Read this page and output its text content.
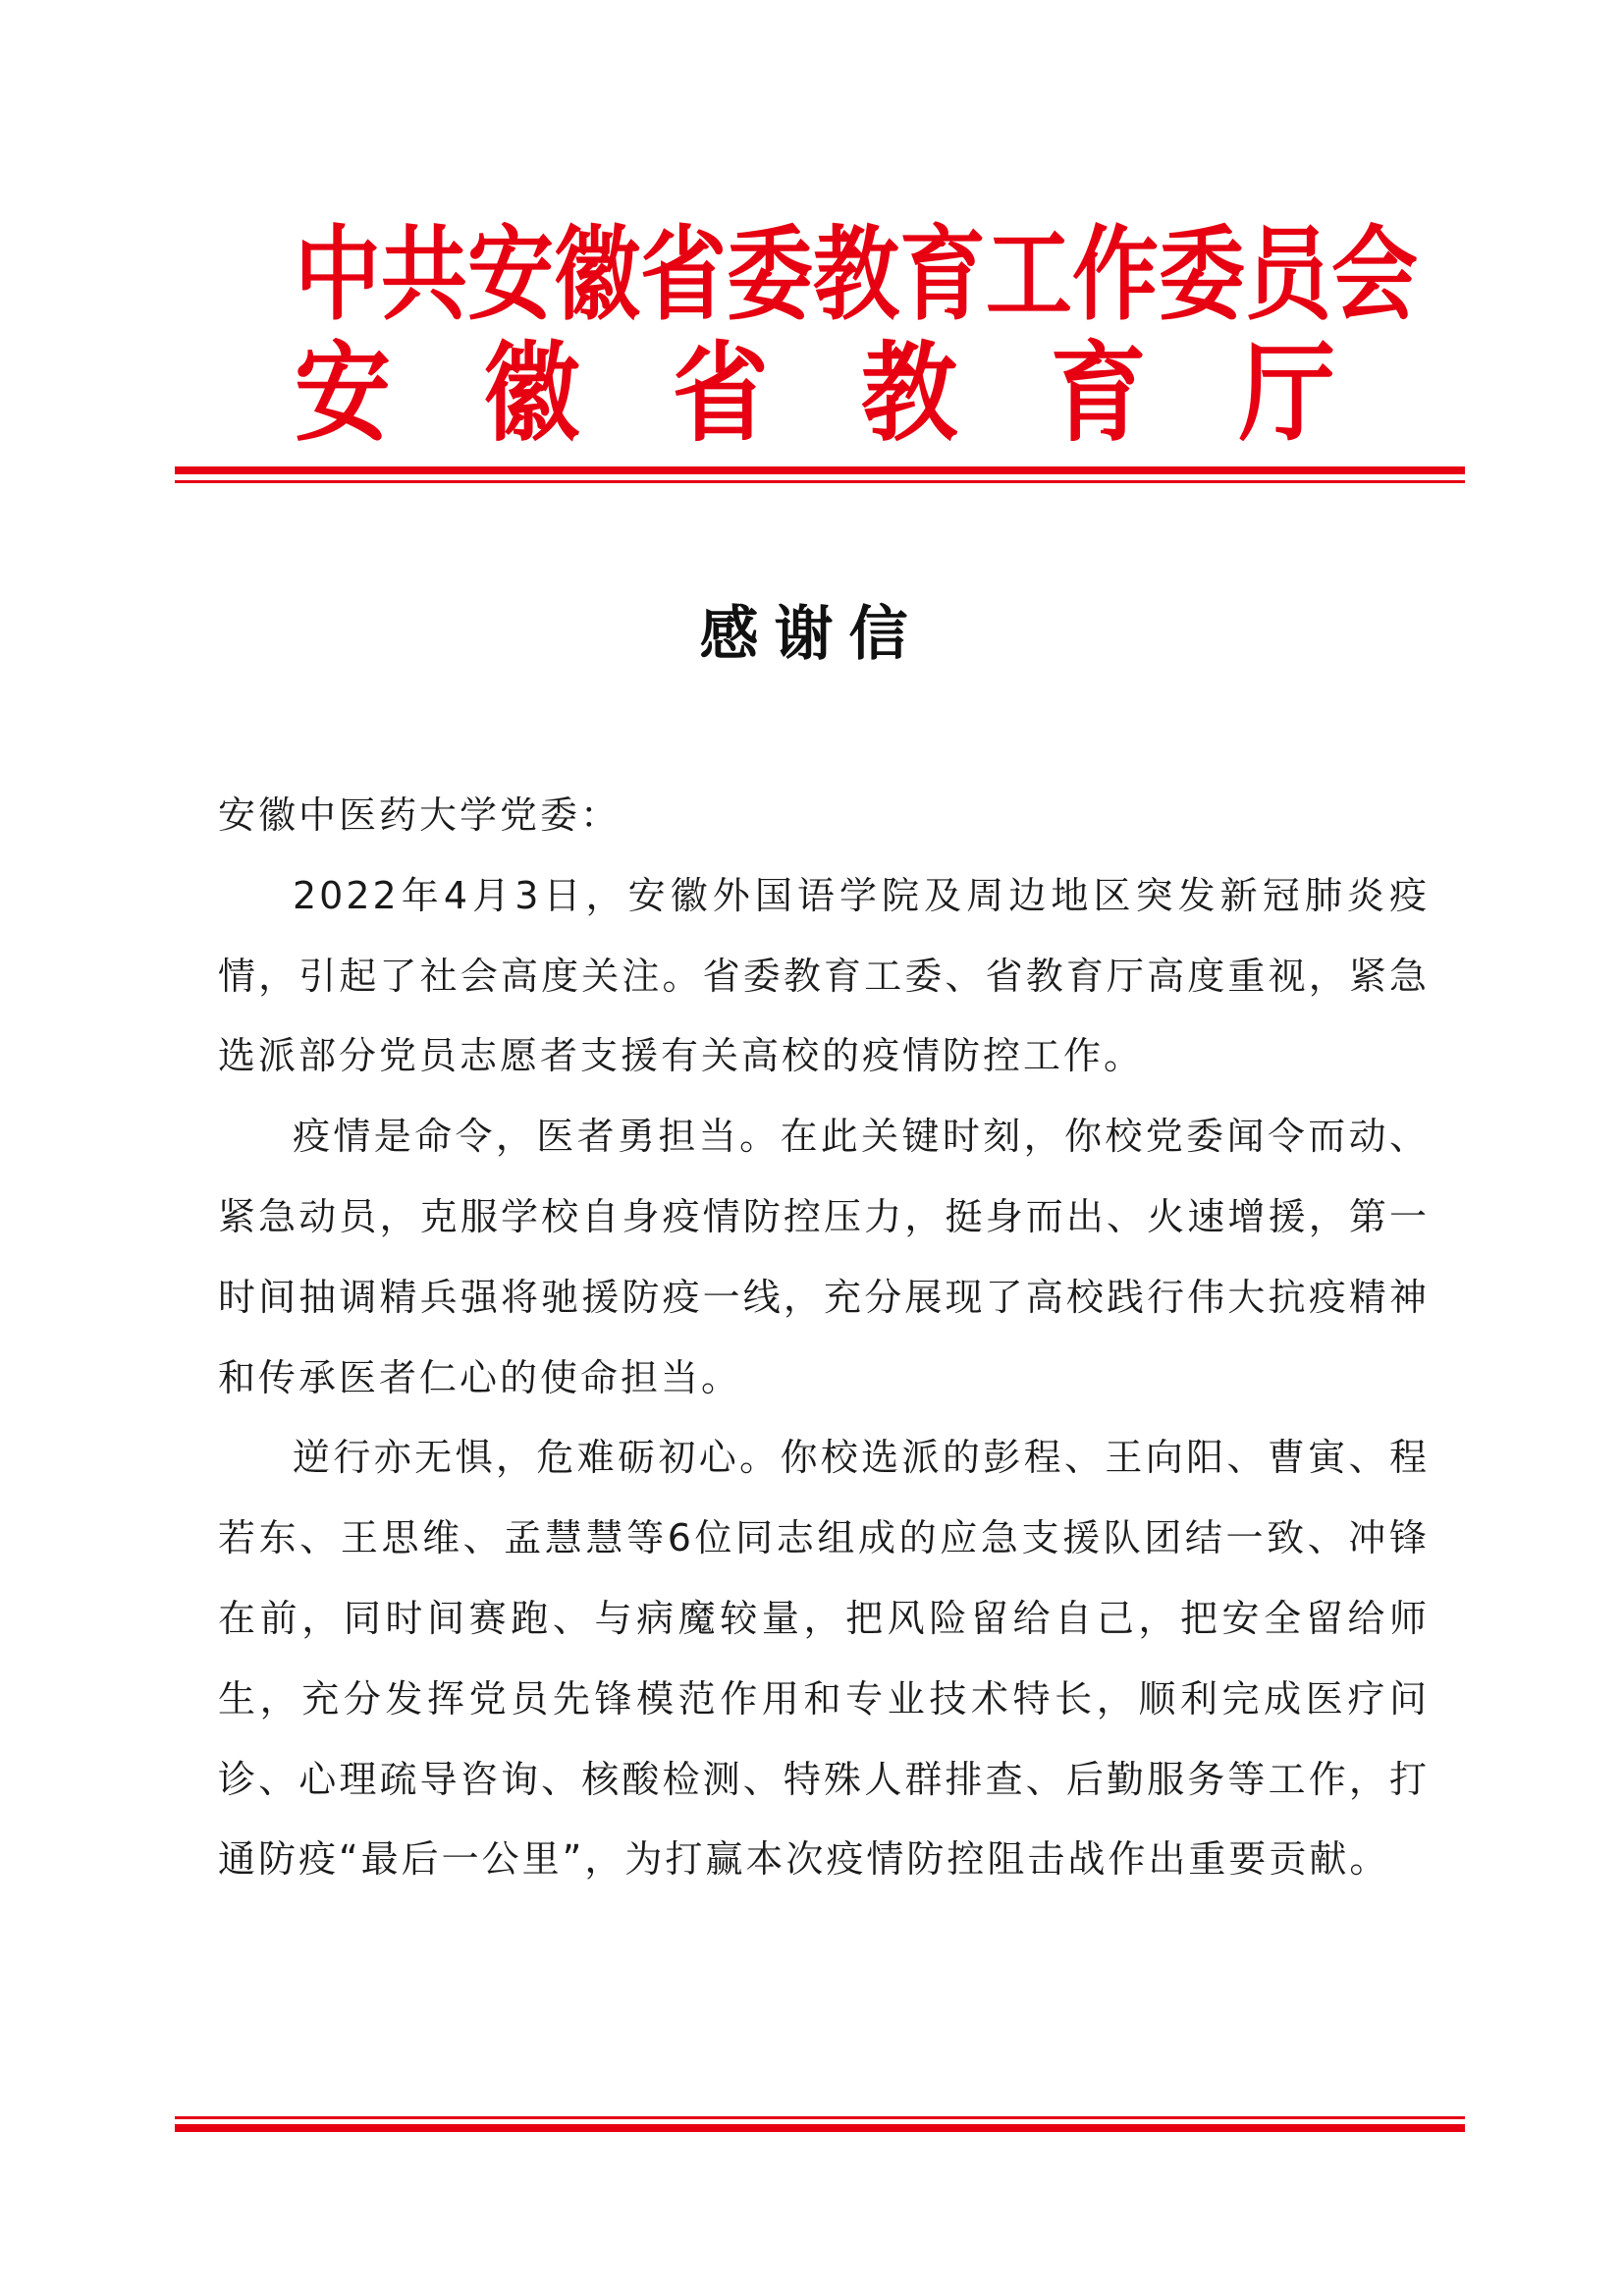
中共安徽省委教育工作委员会
安 徽 省 教 育 厅
感谢信

安徽中医药大学党委：

2022年4月3日，安徽外国语学院及周边地区突发新冠肺炎疫情，引起了社会高度关注。省委教育工委、省教育厅高度重视，紧急选派部分党员志愿者支援有关高校的疫情防控工作。

疫情是命令，医者勇担当。在此关键时刻，你校党委闻令而动、紧急动员，克服学校自身疫情防控压力，挺身而出、火速增援，第一时间抽调精兵强将驰援防疫一线，充分展现了高校践行伟大抗疫精神和传承医者仁心的使命担当。

逆行亦无惧，危难砺初心。你校选派的彭程、王向阳、曹寅、程若东、王思维、孟慧慧等6位同志组成的应急支援队团结一致、冲锋在前，同时间赛跑、与病魔较量，把风险留给自己，把安全留给师生，充分发挥党员先锋模范作用和专业技术特长，顺利完成医疗问诊、心理疏导咨询、核酸检测、特殊人群排查、后勤服务等工作，打通防疫“最后一公里”，为打赢本次疫情防控阻击战作出重要贡献。
